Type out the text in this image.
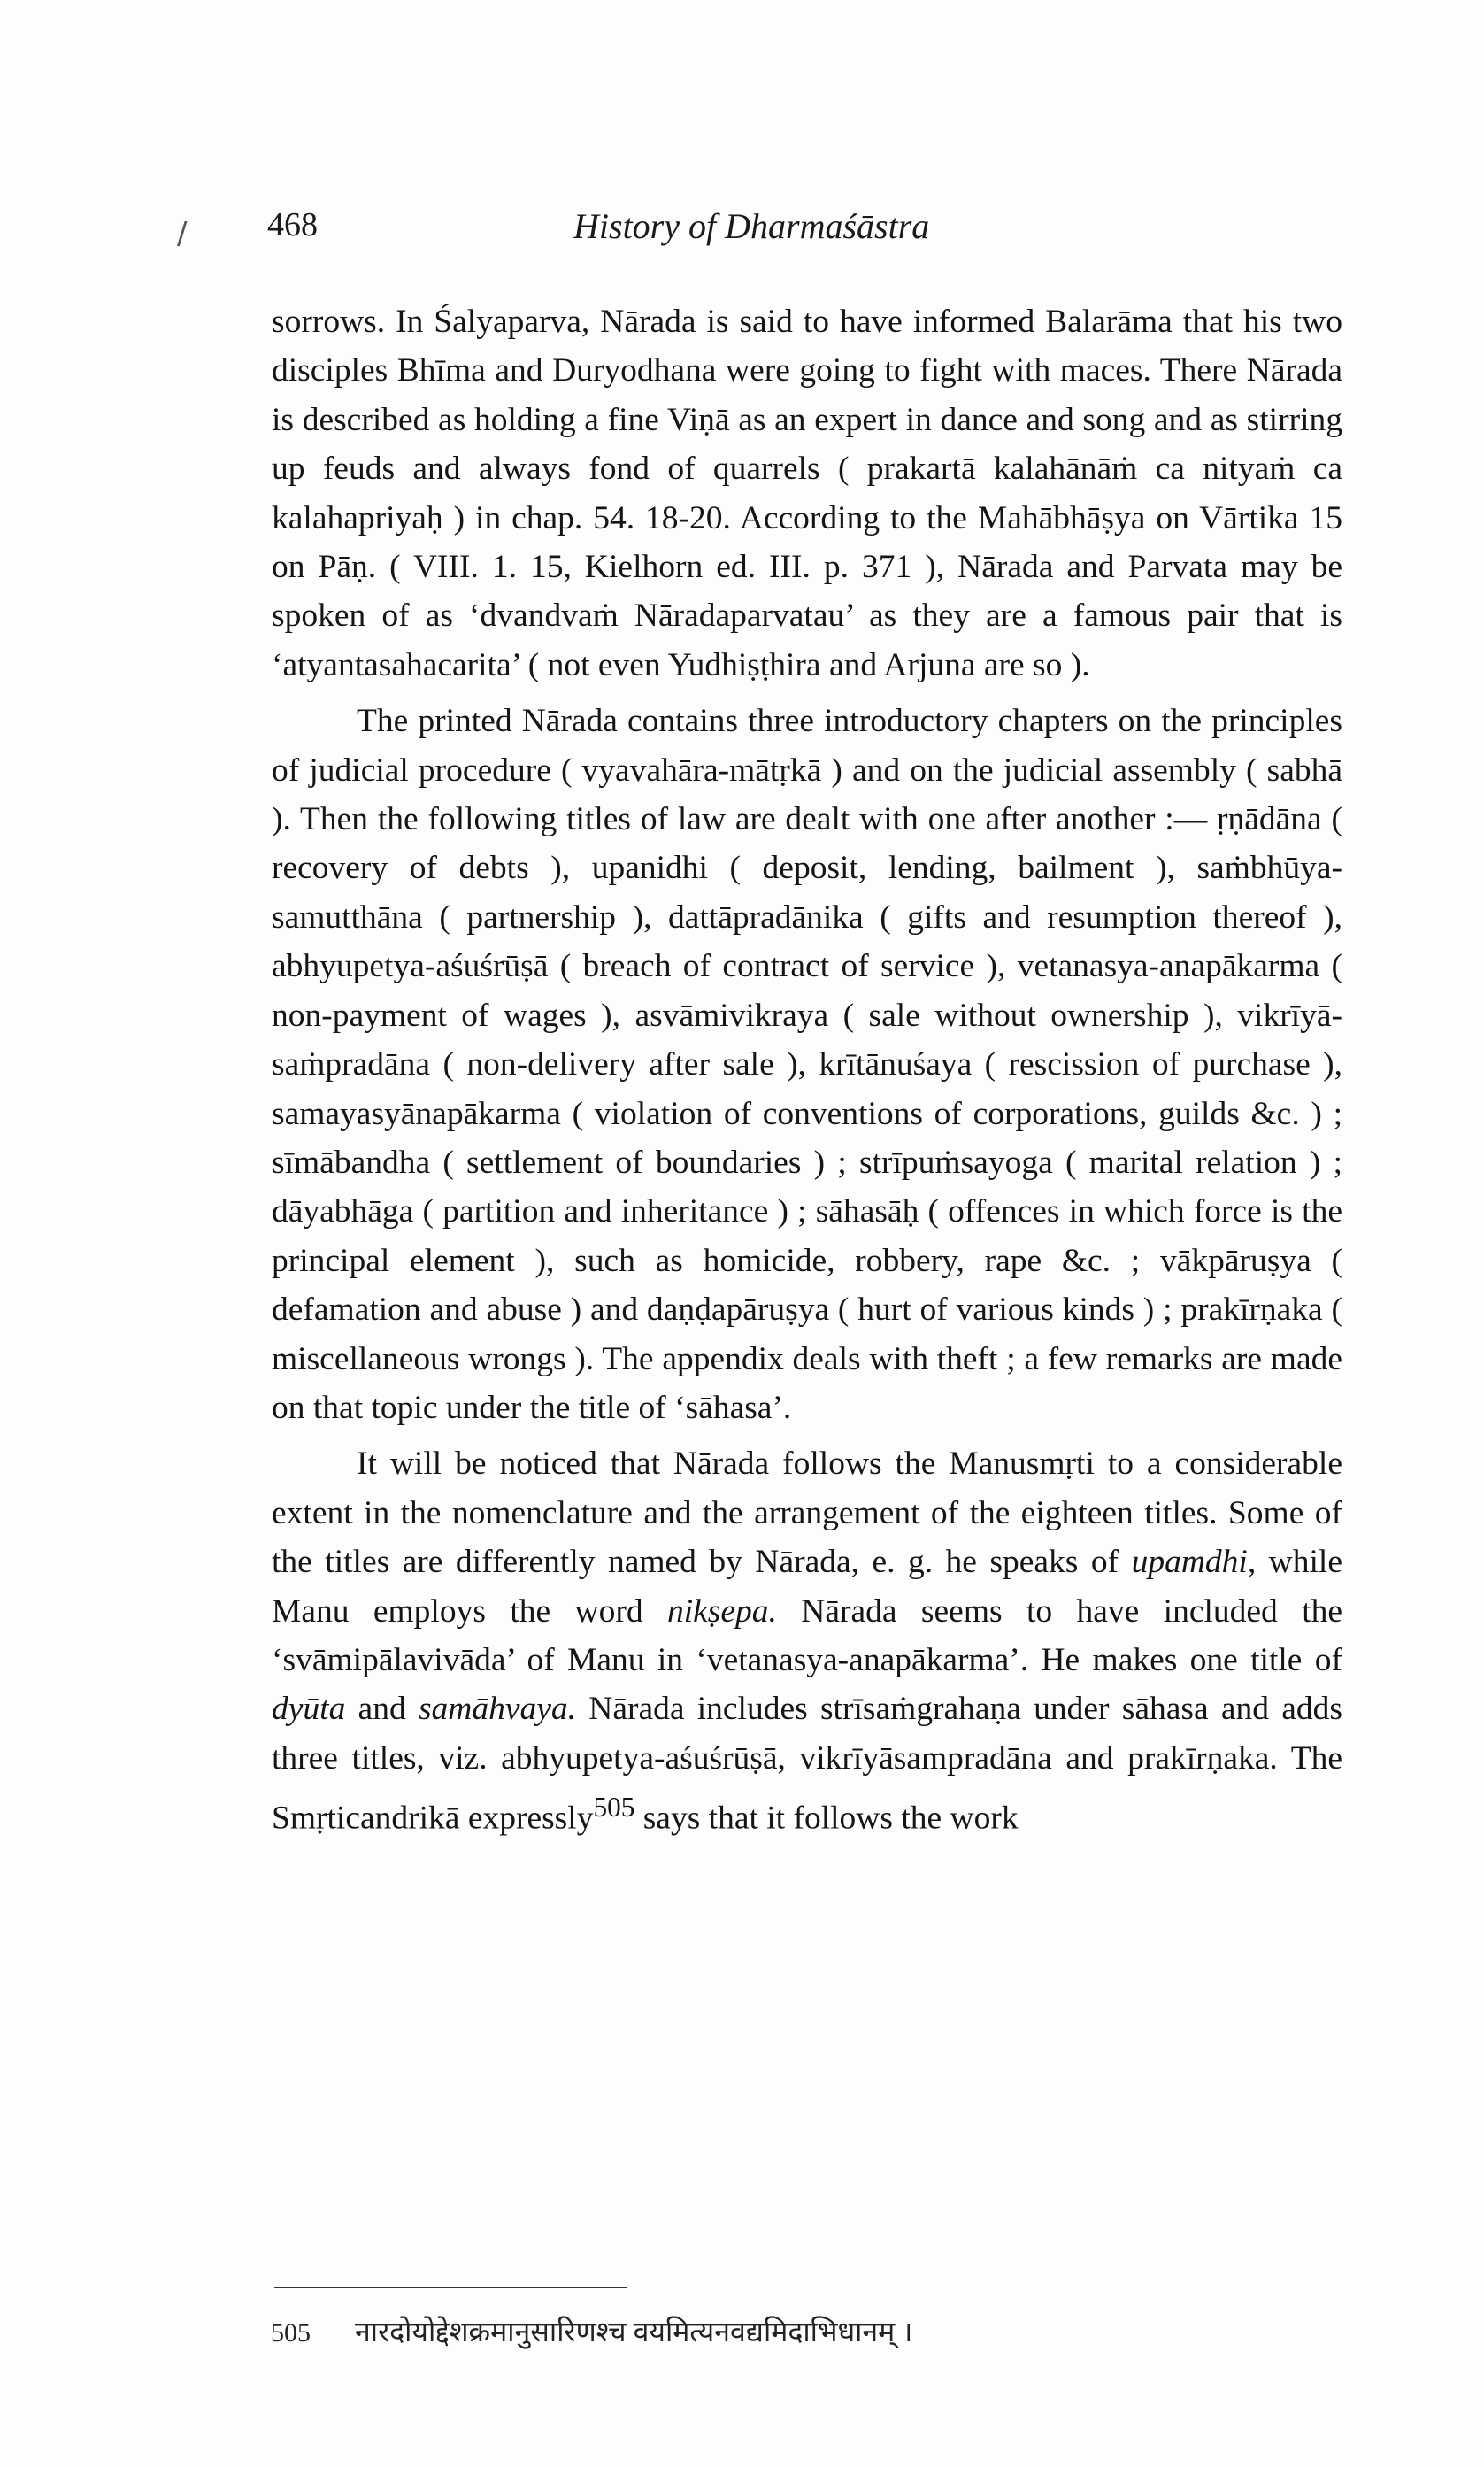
/ 468	History of Dharmaśāstra

sorrows. In Śalyaparva, Nārada is said to have informed Balarāma that his two disciples Bhīma and Duryodhana were going to fight with maces. There Nārada is described as holding a fine Viṇā as an expert in dance and song and as stirring up feuds and always fond of quarrels ( prakartā kalahānāṁ ca nityaṁ ca kalahapriyaḥ ) in chap. 54. 18-20. According to the Mahābhāṣya on Vārtika 15 on Pāṇ. ( VIII. 1. 15, Kielhorn ed. III. p. 371 ), Nārada and Parvata may be spoken of as ‘dvandvaṁ Nāradaparvatau’ as they are a famous pair that is ‘atyantasahacarita’ ( not even Yudhiṣṭhira and Arjuna are so ).

The printed Nārada contains three introductory chapters on the principles of judicial procedure ( vyavahāra-mātṛkā ) and on the judicial assembly ( sabhā ). Then the following titles of law are dealt with one after another :— ṛṇādāna ( recovery of debts ), upanidhi ( deposit, lending, bailment ), saṁbhūya-samutthāna ( partnership ), dattāpradānika ( gifts and resumption thereof ), abhyupetya-aśuśrūṣā ( breach of contract of service ), vetanasya-anapākarma ( non-payment of wages ), asvāmivikraya ( sale without ownership ), vikrīyā-saṁpradāna ( non-delivery after sale ), krītānuśaya ( rescission of purchase ), samayasyānapākarma ( violation of conventions of corporations, guilds &c. ) ; sīmābandha ( settlement of boundaries ) ; strīpuṁsayoga ( marital relation ) ; dāyabhāga ( partition and inheritance ) ; sāhasāḥ ( offences in which force is the principal element ), such as homicide, robbery, rape &c. ; vākpāruṣya ( defamation and abuse ) and daṇḍapāruṣya ( hurt of various kinds ) ; prakīrṇaka ( miscellaneous wrongs ). The appendix deals with theft ; a few remarks are made on that topic under the title of ‘sāhasa’.

It will be noticed that Nārada follows the Manusmṛti to a considerable extent in the nomenclature and the arrangement of the eighteen titles. Some of the titles are differently named by Nārada, e. g. he speaks of upamdhi, while Manu employs the word nikṣepa. Nārada seems to have included the ‘svāmipālavivāda’ of Manu in ‘vetanasya-anapākarma’. He makes one title of dyūta and samāhvaya. Nārada includes strīsaṁgrahaṇa under sāhasa and adds three titles, viz. abhyupetya-aśuśrūṣā, vikrīyāsampradāna and prakīrṇaka. The Smṛticandrikā expressly$^{505}$ says that it follows the work

505 नारदोयोद्देशक्रमानुसारिणश्च वयमित्यनवद्यमिदाभिधानम् ।
